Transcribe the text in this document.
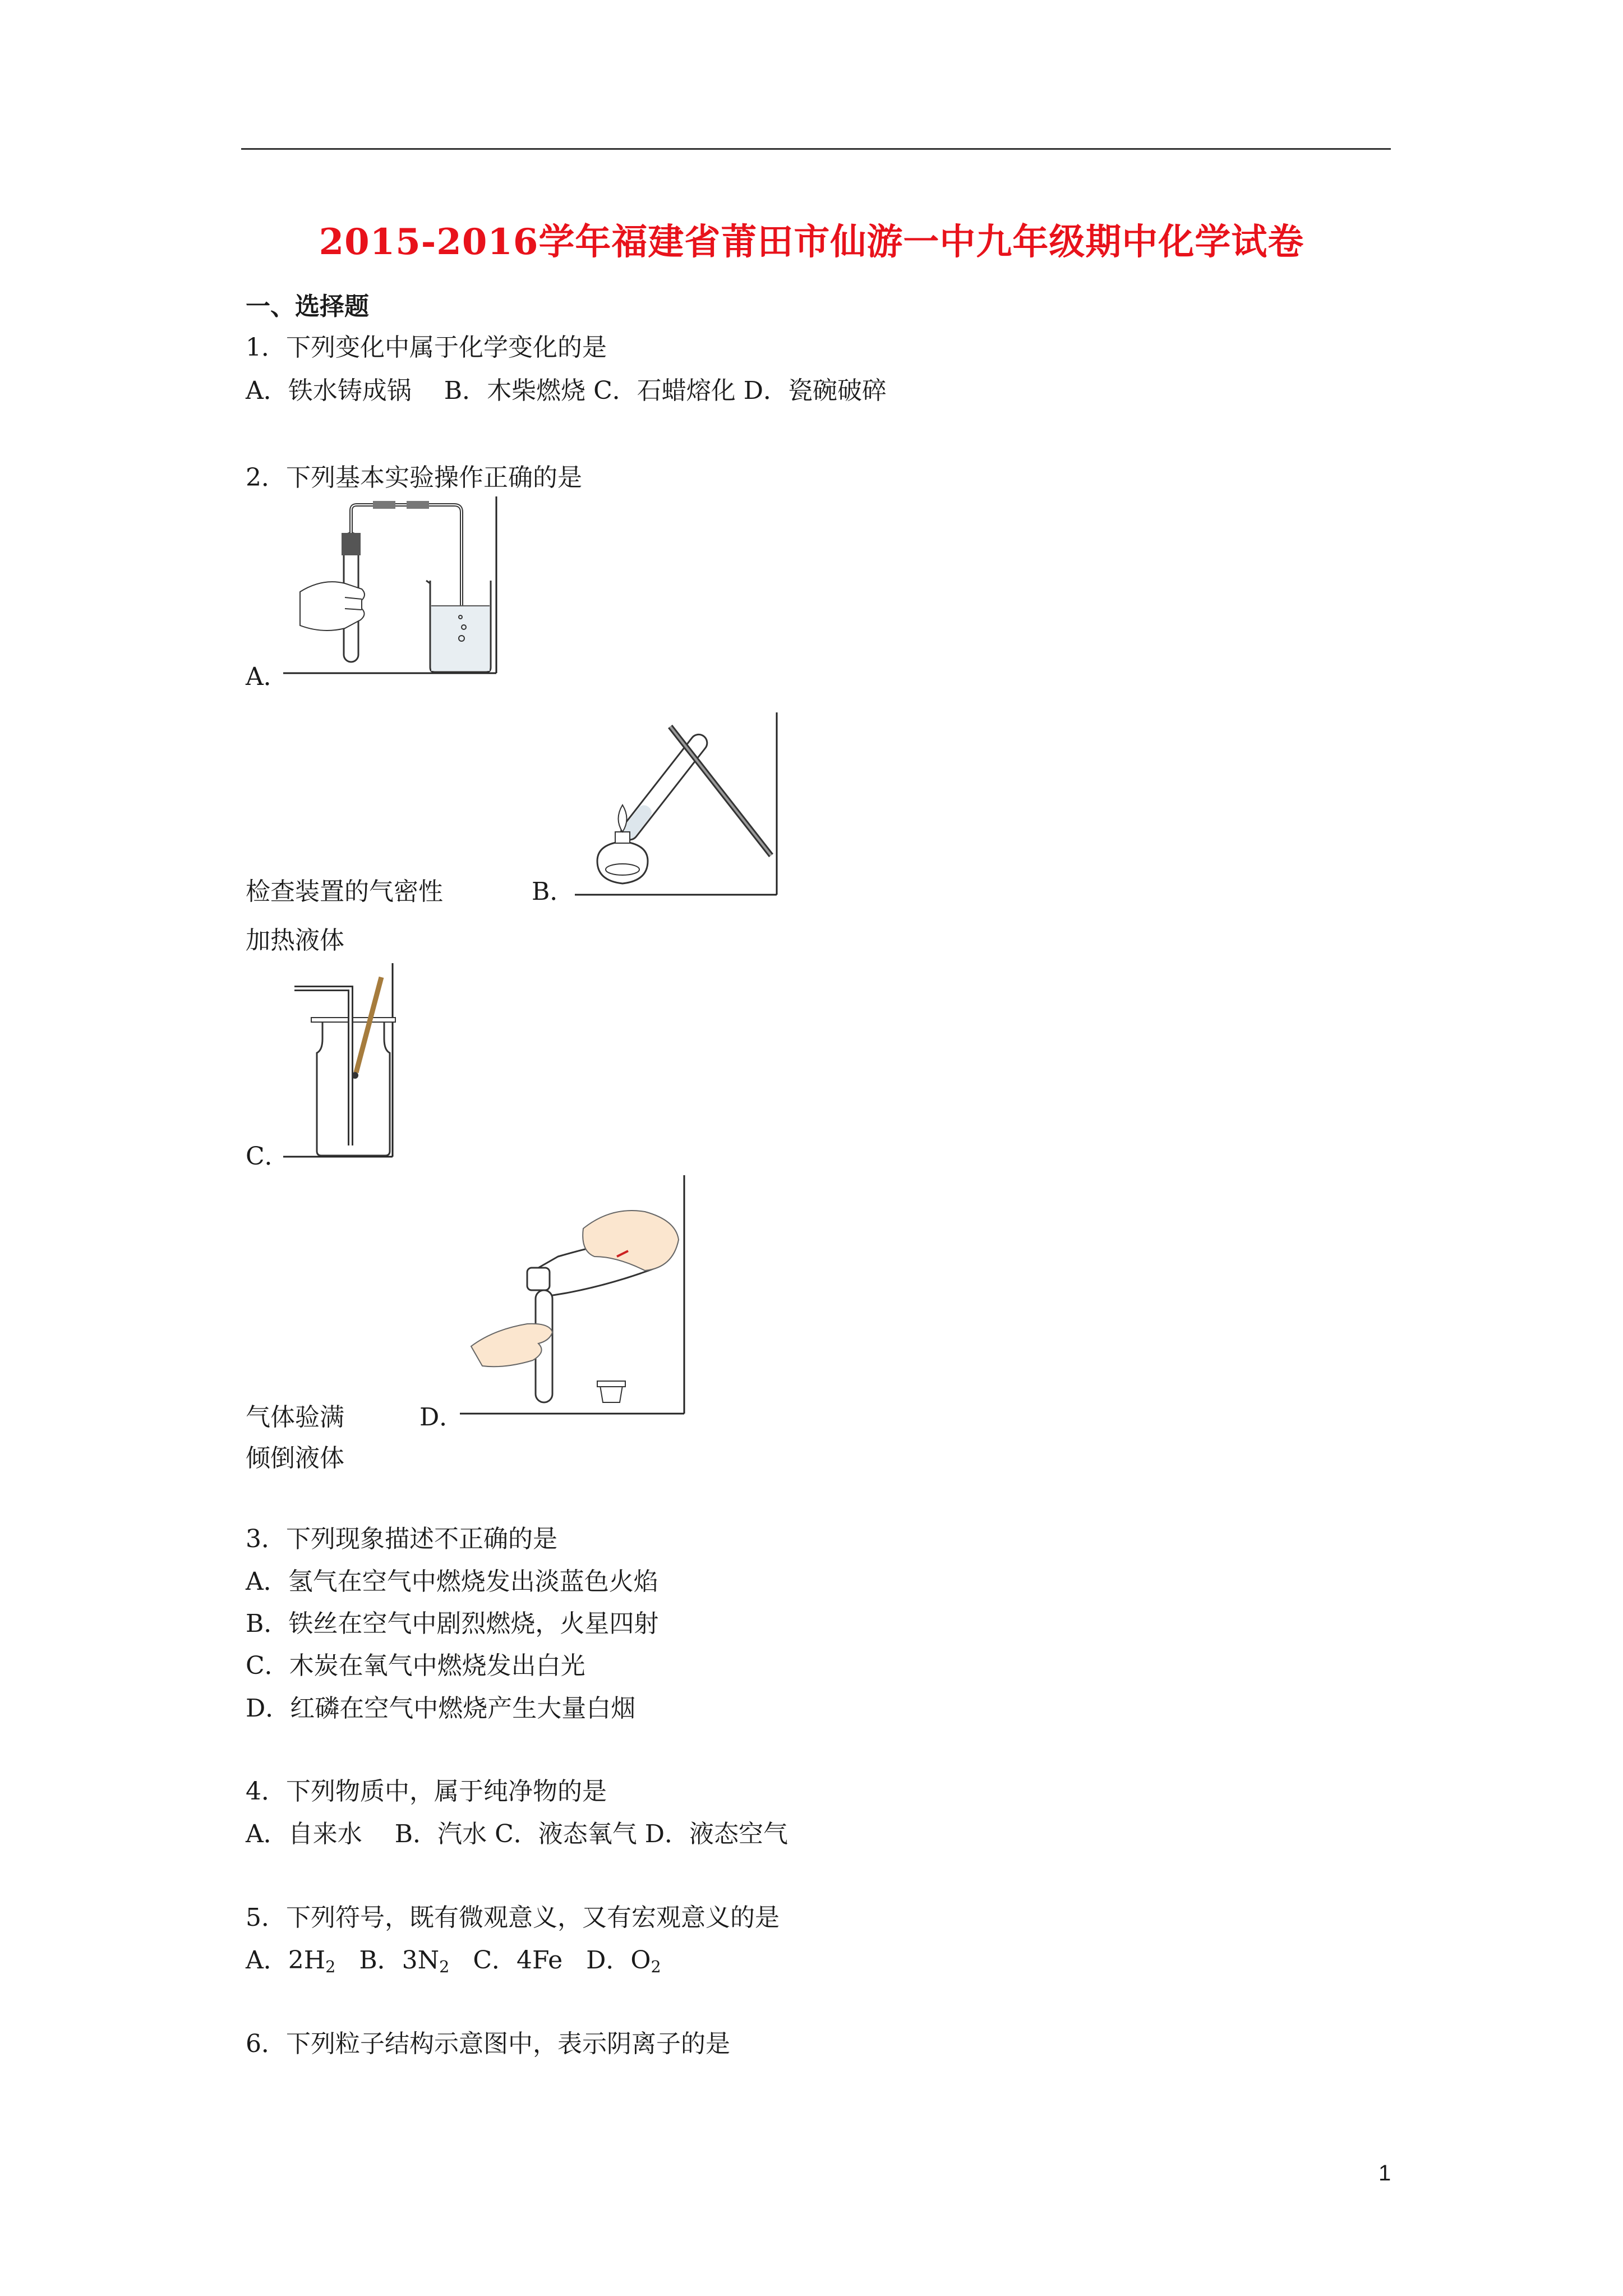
2015-2016学年福建省莆田市仙游一中九年级期中化学试卷
一、选择题
1．下列变化中属于化学变化的是
A．铁水铸成锅　 B．木柴燃烧 C．石蜡熔化 D．瓷碗破碎
2．下列基本实验操作正确的是
A．
检查装置的气密性	B．
加热液体
C．
气体验满	D．
倾倒液体
3．下列现象描述不正确的是
A．氢气在空气中燃烧发出淡蓝色火焰
B．铁丝在空气中剧烈燃烧，火星四射
C．木炭在氧气中燃烧发出白光
D．红磷在空气中燃烧产生大量白烟
4．下列物质中，属于纯净物的是
A．自来水　 B．汽水 C．液态氧气 D．液态空气
5．下列符号，既有微观意义，又有宏观意义的是
A．$2H_2$ B．$3N_2$ C．4Fe D．$O_2$
6．下列粒子结构示意图中，表示阴离子的是
1
